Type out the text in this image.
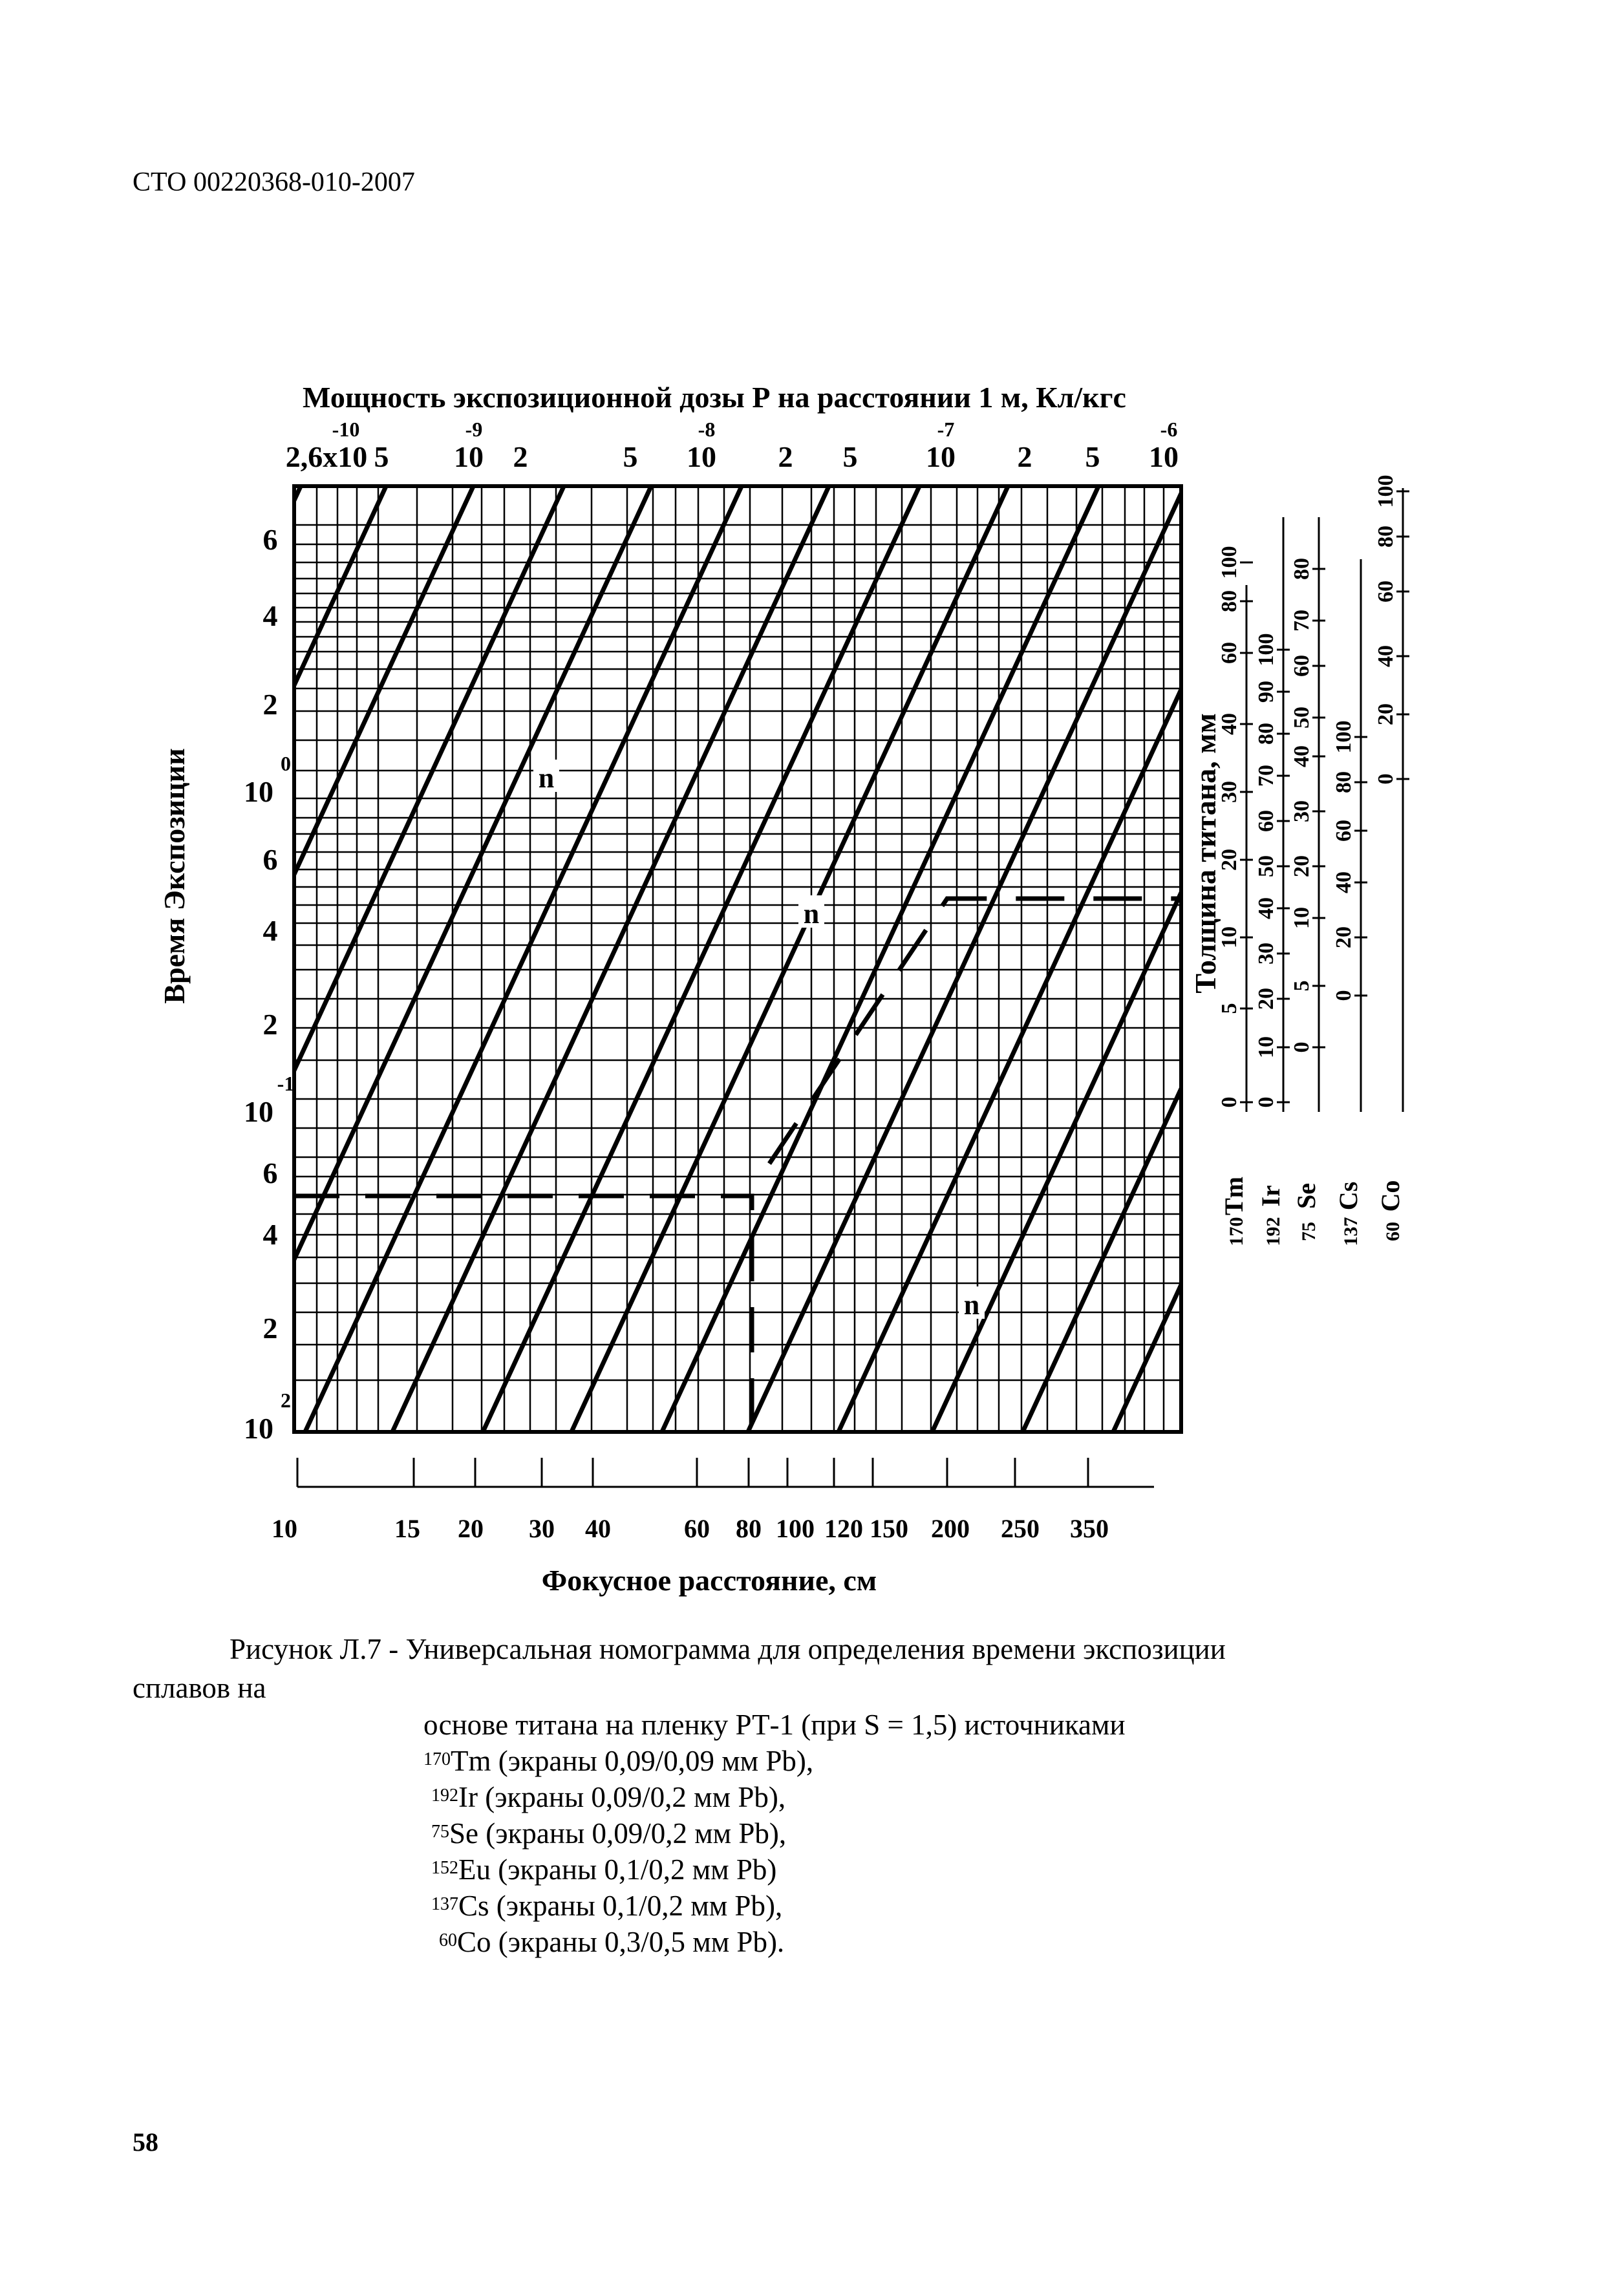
СТО 00220368-010-2007
Мощность экспозиционной дозы Р на расстоянии 1 м, Кл/кгс
2,6x10
-10
5 10
-9
2	5 10
-8
2 5 10
-7
2 5 10
-6
6
4
2
10
0
6
4
2
10
-1
6
4
2
10
2
Время Экспозиции	n
n
n
10	15 20 30 40	60 80 100 120 150 200 250 350
Фокусное расстояние, см
Толщина титана, мм
0
5
10
20
30
40
60
80
100
Tm
170
0
10
20
30
40
50
60
70
80
90
100
Ir
192
0
5
10
20
30
40
50
60
70
80
Se
75
0
20
40
60
80
100
Cs
137
0
20
40
60
80
100
Co
60
Рисунок Л.7 - Универсальная номограмма для определения времени экспозиции
сплавов на
основе титана на пленку РТ-1 (при S = 1,5) источниками
$^{170}$Tm (экраны 0,09/0,09 мм Pb),
$^{192}$Ir (экраны 0,09/0,2 мм Pb),
$^{75}$Se (экраны 0,09/0,2 мм Pb),
$^{152}$Eu (экраны 0,1/0,2 мм Pb)
$^{137}$Cs (экраны 0,1/0,2 мм Pb),
$^{60}$Co (экраны 0,3/0,5 мм Pb).
58
